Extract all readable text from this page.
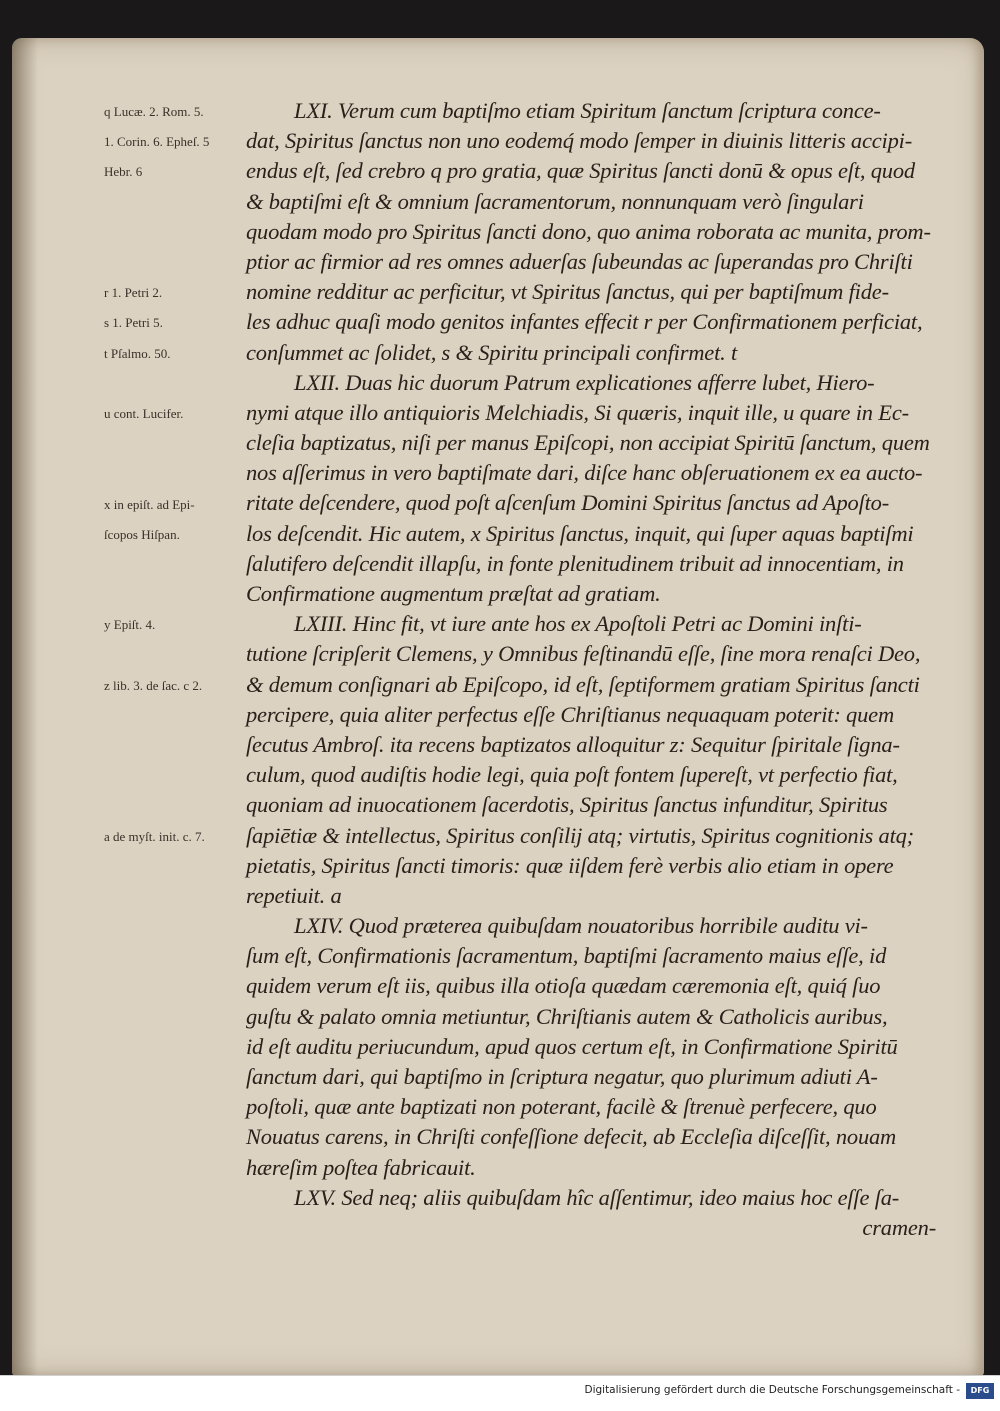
LXI. Verum cum baptiſmo etiam Spiritum ſanctum ſcriptura conce-
dat, Spiritus ſanctus non uno eodemq́ modo ſemper in diuinis litteris accipi-
endus eſt, ſed crebro q pro gratia, quæ Spiritus ſancti donū & opus eſt, quod
& baptiſmi eſt & omnium ſacramentorum, nonnunquam verò ſingulari
quodam modo pro Spiritus ſancti dono, quo anima roborata ac munita, prom-
ptior ac firmior ad res omnes aduerſas ſubeundas ac ſuperandas pro Chriſti
nomine redditur ac perficitur, vt Spiritus ſanctus, qui per baptiſmum fide-
les adhuc quaſi modo genitos infantes effecit r per Confirmationem perficiat,
conſummet ac ſolidet, s & Spiritu principali confirmet. t
LXII. Duas hic duorum Patrum explicationes afferre lubet, Hiero-
nymi atque illo antiquioris Melchiadis, Si quæris, inquit ille, u quare in Ec-
cleſia baptizatus, niſi per manus Epiſcopi, non accipiat Spiritū ſanctum, quem
nos aſſerimus in vero baptiſmate dari, diſce hanc obſeruationem ex ea aucto-
ritate deſcendere, quod poſt aſcenſum Domini Spiritus ſanctus ad Apoſto-
los deſcendit. Hic autem, x Spiritus ſanctus, inquit, qui ſuper aquas baptiſmi
ſalutifero deſcendit illapſu, in fonte plenitudinem tribuit ad innocentiam, in
Confirmatione augmentum præſtat ad gratiam.
LXIII. Hinc fit, vt iure ante hos ex Apoſtoli Petri ac Domini inſti-
tutione ſcripſerit Clemens, y Omnibus feſtinandū eſſe, ſine mora renaſci Deo,
& demum conſignari ab Epiſcopo, id eſt, ſeptiformem gratiam Spiritus ſancti
percipere, quia aliter perfectus eſſe Chriſtianus nequaquam poterit: quem
ſecutus Ambroſ. ita recens baptizatos alloquitur z: Sequitur ſpiritale ſigna-
culum, quod audiſtis hodie legi, quia poſt fontem ſupereſt, vt perfectio fiat,
quoniam ad inuocationem ſacerdotis, Spiritus ſanctus infunditur, Spiritus
ſapiētiæ & intellectus, Spiritus conſilij atq; virtutis, Spiritus cognitionis atq;
pietatis, Spiritus ſancti timoris: quæ iiſdem ferè verbis alio etiam in opere
repetiuit. a
LXIV. Quod præterea quibuſdam nouatoribus horribile auditu vi-
ſum eſt, Confirmationis ſacramentum, baptiſmi ſacramento maius eſſe, id
quidem verum eſt iis, quibus illa otioſa quædam cæremonia eſt, quiq́ ſuo
guſtu & palato omnia metiuntur, Chriſtianis autem & Catholicis auribus,
id eſt auditu periucundum, apud quos certum eſt, in Confirmatione Spiritū
ſanctum dari, qui baptiſmo in ſcriptura negatur, quo plurimum adiuti A-
poſtoli, quæ ante baptizati non poterant, facilè & ſtrenuè perfecere, quo
Nouatus carens, in Chriſti confeſſione defecit, ab Eccleſia diſceſſit, nouam
hæreſim poſtea fabricauit.
LXV. Sed neq; aliis quibuſdam hîc aſſentimur, ideo maius hoc eſſe ſa-
cramen-
q Lucæ. 2. Rom. 5.
1. Corin. 6. Epheſ. 5
Hebr. 6
r 1. Petri 2.
s 1. Petri 5.
t Pſalmo. 50.
u cont. Lucifer.
x in epiſt. ad Epi-
ſcopos Hiſpan.
y Epiſt. 4.
z lib. 3. de ſac. c 2.
a de myſt. init. c. 7.
Digitalisierung gefördert durch die Deutsche Forschungsgemeinschaft -	DFG
